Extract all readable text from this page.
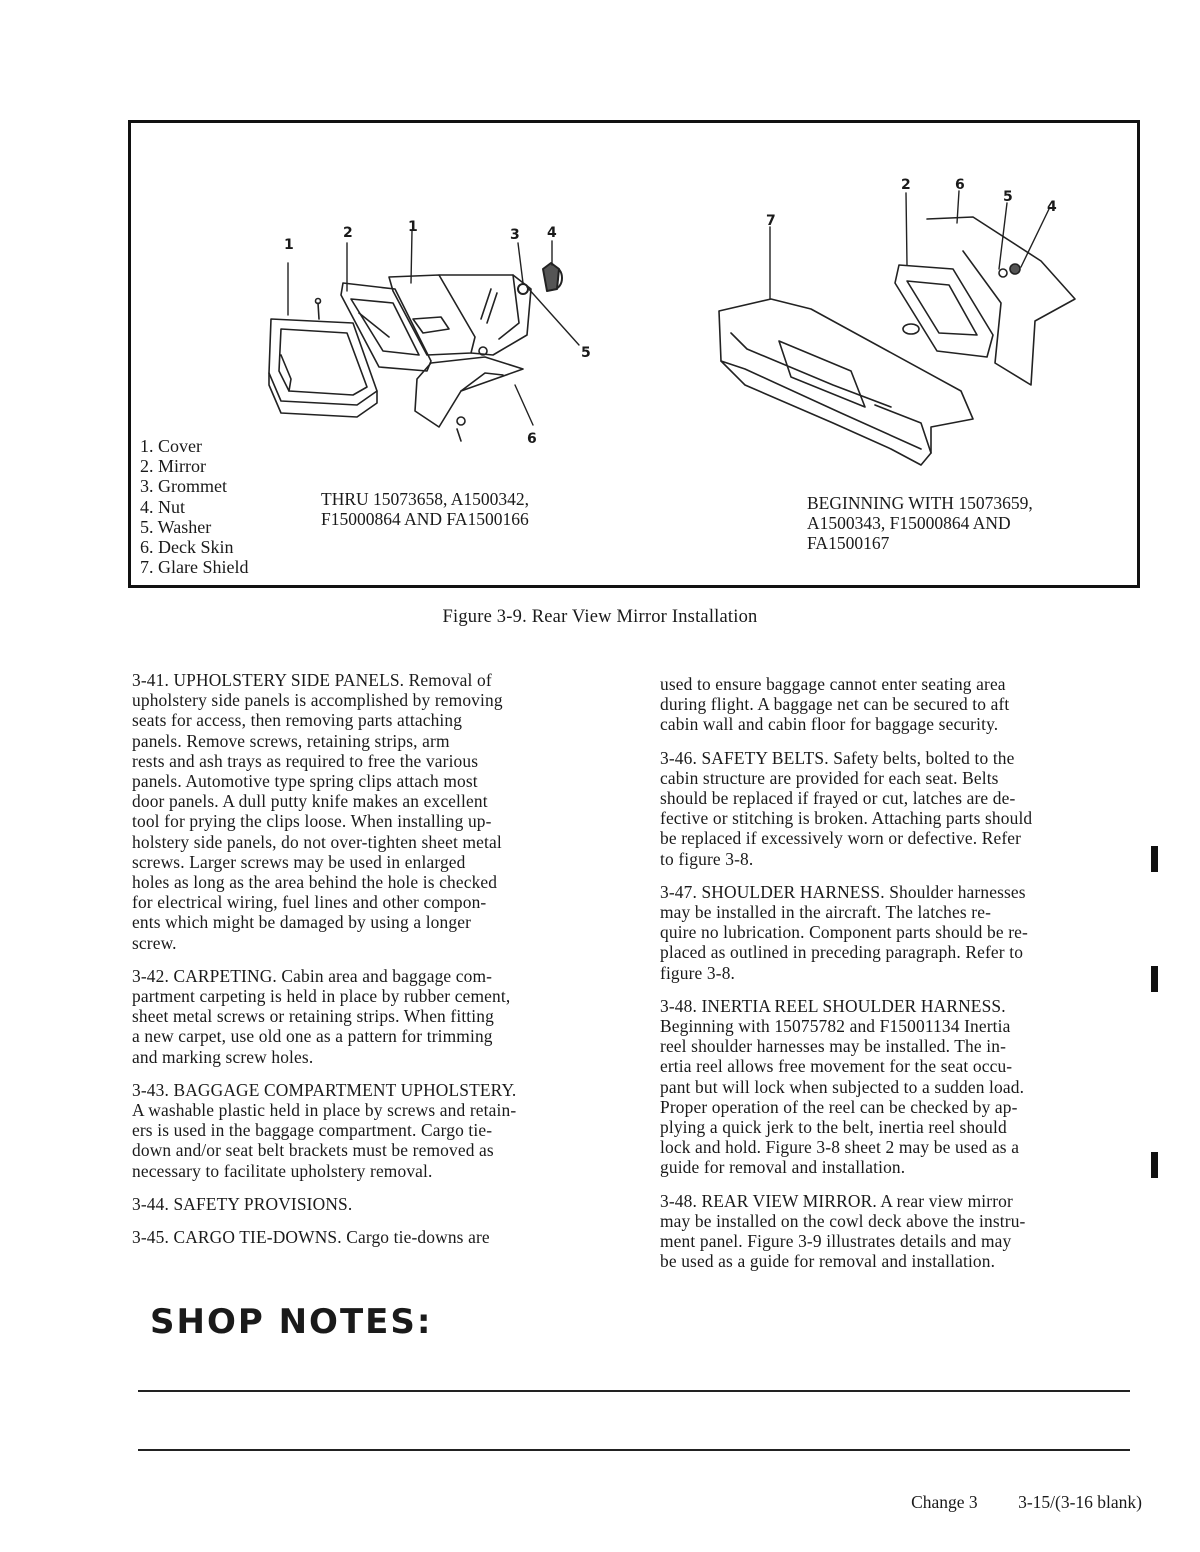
1
2	1	3 4
5
6
2	6
5
4
7
THRU 15073658, A1500342,
F15000864 AND FA1500166
BEGINNING WITH 15073659,
A1500343, F15000864 AND
FA1500167
1. Cover
2. Mirror
3. Grommet
4. Nut
5. Washer
6. Deck Skin
7. Glare Shield
Figure 3-9. Rear View Mirror Installation

3-41. UPHOLSTERY SIDE PANELS. Removal of
upholstery side panels is accomplished by removing
seats for access, then removing parts attaching
panels. Remove screws, retaining strips, arm
rests and ash trays as required to free the various
panels. Automotive type spring clips attach most
door panels. A dull putty knife makes an excellent
tool for prying the clips loose. When installing up-
holstery side panels, do not over-tighten sheet metal
screws. Larger screws may be used in enlarged
holes as long as the area behind the hole is checked
for electrical wiring, fuel lines and other compon-
ents which might be damaged by using a longer
screw.

3-42. CARPETING. Cabin area and baggage com-
partment carpeting is held in place by rubber cement,
sheet metal screws or retaining strips. When fitting
a new carpet, use old one as a pattern for trimming
and marking screw holes.

3-43. BAGGAGE COMPARTMENT UPHOLSTERY.
A washable plastic held in place by screws and retain-
ers is used in the baggage compartment. Cargo tie-
down and/or seat belt brackets must be removed as
necessary to facilitate upholstery removal.

3-44. SAFETY PROVISIONS.

3-45. CARGO TIE-DOWNS. Cargo tie-downs are

used to ensure baggage cannot enter seating area
during flight. A baggage net can be secured to aft
cabin wall and cabin floor for baggage security.

3-46. SAFETY BELTS. Safety belts, bolted to the
cabin structure are provided for each seat. Belts
should be replaced if frayed or cut, latches are de-
fective or stitching is broken. Attaching parts should
be replaced if excessively worn or defective. Refer
to figure 3-8.

3-47. SHOULDER HARNESS. Shoulder harnesses
may be installed in the aircraft. The latches re-
quire no lubrication. Component parts should be re-
placed as outlined in preceding paragraph. Refer to
figure 3-8.

3-48. INERTIA REEL SHOULDER HARNESS.
Beginning with 15075782 and F15001134 Inertia
reel shoulder harnesses may be installed. The in-
ertia reel allows free movement for the seat occu-
pant but will lock when subjected to a sudden load.
Proper operation of the reel can be checked by ap-
plying a quick jerk to the belt, inertia reel should
lock and hold. Figure 3-8 sheet 2 may be used as a
guide for removal and installation.

3-48. REAR VIEW MIRROR. A rear view mirror
may be installed on the cowl deck above the instru-
ment panel. Figure 3-9 illustrates details and may
be used as a guide for removal and installation.

SHOP NOTES:
Change 3 3-15/(3-16 blank)
